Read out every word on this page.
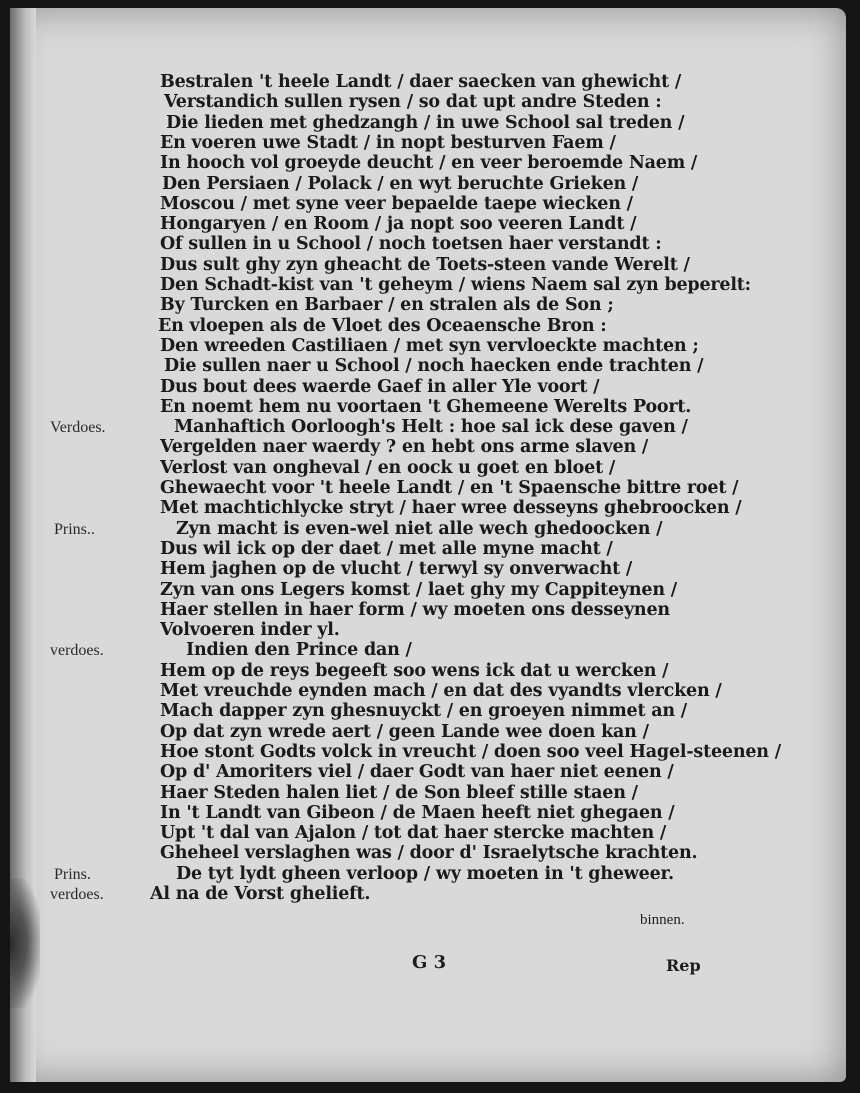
Bestralen 't heele Landt / daer saecken van ghewicht /
Verstandich sullen rysen / so dat upt andre Steden :
Die lieden met ghedzangh / in uwe School sal treden /
En voeren uwe Stadt / in nopt besturven Faem /
In hooch vol groeyde deucht / en veer beroemde Naem /
Den Persiaen / Polack / en wyt beruchte Grieken /
Moscou / met syne veer bepaelde taepe wiecken /
Hongaryen / en Room / ja nopt soo veeren Landt /
Of sullen in u School / noch toetsen haer verstandt :
Dus sult ghy zyn gheacht de Toets-steen vande Werelt /
Den Schadt-kist van 't geheym / wiens Naem sal zyn beperelt:
By Turcken en Barbaer / en stralen als de Son ;
En vloepen als de Vloet des Oceaensche Bron :
Den wreeden Castiliaen / met syn vervloeckte machten ;
Die sullen naer u School / noch haecken ende trachten /
Dus bout dees waerde Gaef in aller Yle voort /
En noemt hem nu voortaen 't Ghemeene Werelts Poort.
Manhaftich Oorloogh's Helt : hoe sal ick dese gaven /
Vergelden naer waerdy ? en hebt ons arme slaven /
Verlost van ongheval / en oock u goet en bloet /
Ghewaecht voor 't heele Landt / en 't Spaensche bittre roet /
Met machtichlycke stryt / haer wree desseyns ghebroocken /
Zyn macht is even-wel niet alle wech ghedoocken /
Dus wil ick op der daet / met alle myne macht /
Hem jaghen op de vlucht / terwyl sy onverwacht /
Zyn van ons Legers komst / laet ghy my Cappiteynen /
Haer stellen in haer form / wy moeten ons desseynen
Volvoeren inder yl.
Indien den Prince dan /
Hem op de reys begeeft soo wens ick dat u wercken /
Met vreuchde eynden mach / en dat des vyandts vlercken /
Mach dapper zyn ghesnuyckt / en groeyen nimmet an /
Op dat zyn wrede aert / geen Lande wee doen kan /
Hoe stont Godts volck in vreucht / doen soo veel Hagel-steenen /
Op d' Amoriters viel / daer Godt van haer niet eenen /
Haer Steden halen liet / de Son bleef stille staen /
In 't Landt van Gibeon / de Maen heeft niet ghegaen /
Upt 't dal van Ajalon / tot dat haer stercke machten /
Gheheel verslaghen was / door d' Israelytsche krachten.
De tyt lydt gheen verloop / wy moeten in 't gheweer.
Al na de Vorst ghelieft.
Verdoes.
Prins..
verdoes.
Prins.
verdoes.
binnen.
G 3	Rep
